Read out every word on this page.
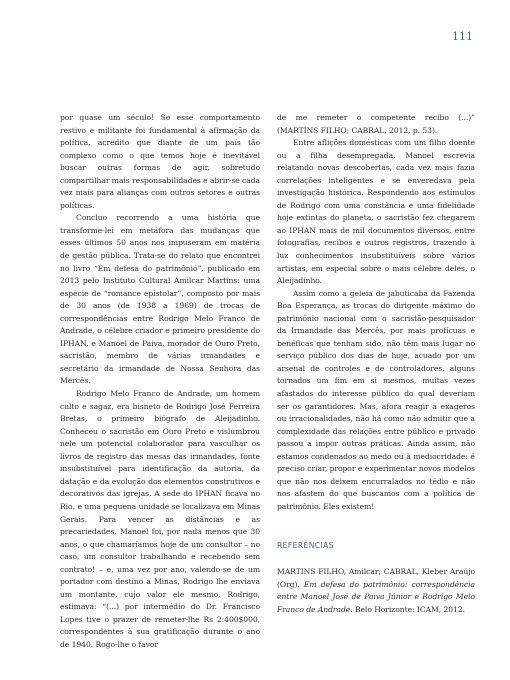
111

por quase um século! Se esse comportamento restivo e militante foi fundamental à afirmação da política, acredito que diante de um país tão complexo como o que temos hoje é inevitável buscar outras formas de agir, sobretudo compartilhar mais responsabilidades e abrir-se cada vez mais para alianças com outros setores e outras políticas.

Concluo recorrendo a uma história que transforme-lei em metáfora das mudanças que esses últimos 50 anos nos impuseram em matéria de gestão pública. Trata-se do relato que encontrei no livro “Em defesa do patrimônio”, publicado em 2013 pelo Instituto Cultural Amilcar Martins: uma espécie de “romance epistolar”, composto por mais de 30 anos (de 1938 a 1969) de trocas de correspondências entre Rodrigo Melo Franco de Andrade, o célebre criador e primeiro presidente do IPHAN, e Manoel de Paiva, morador de Ouro Preto, sacristão, membro de várias irmandades e secretário da irmandade de Nossa Senhora das Mercês.

Rodrigo Melo Franco de Andrade, um homem culto e sagaz, era bisneto de Rodrigo José Ferreira Bretas, o primeiro biógrafo de Aleijadinho. Conheceu o sacristão em Ouro Preto e vislumbrou nele um potencial colaborador para vasculhar os livros de registro das mesas das irmandades, fonte insubstituível para identificação da autoria, da datação e da evolução dos elementos construtivos e decorativos das igrejas. A sede do IPHAN ficava no Rio, e uma pequena unidade se localizava em Minas Gerais. Para vencer as distâncias e as precariedades, Manoel foi, por nada menos que 30 anos, o que chamaríamos hoje de um consultor – no caso, um consultor trabalhando e recebendo sem contrato! – e, uma vez por ano, valendo-se de um portador com destino a Minas, Rodrigo lhe enviava um montante, cujo valor ele mesmo, Rodrigo, estimava: “(...) por intermédio do Dr. Francisco Lopes tive o prazer de remeter-lhe Rs 2:400$000, correspondentes à sua gratificação durante o ano de 1940. Rogo-lhe o favor

de me remeter o competente recibo (...)” (MARTINS FILHO; CABRAL, 2012, p. 53).

Entre aflições domésticas com um filho doente ou a filha desempregada, Manoel escrevia relatando novas descobertas, cada vez mais fazia correlações inteligentes e se enveredava pela investigação histórica. Respondendo aos estímulos de Rodrigo com uma constância e uma fidelidade hoje extintas do planeta, o sacristão fez chegarem ao IPHAN mais de mil documentos diversos, entre fotografias, recibos e outros registros, trazendo à luz conhecimentos insubstituíveis sobre vários artistas, em especial sobre o mais célebre deles, o Aleijadinho.

Assim como a geleia de jabuticaba da Fazenda Boa Esperança, as trocas do dirigente máximo do patrimônio nacional com o sacristão-pesquisador da Irmandade das Mercês, por mais profícuas e benéficas que tenham sido, não têm mais lugar no serviço público dos dias de hoje, acuado por um arsenal de controles e de controladores, alguns tornados um fim em si mesmos, muitas vezes afastados do interesse público do qual deveriam ser os garantidores. Mas, afora reagir a exageros ou irracionalidades, não há como não admitir que a complexidade das relações entre público e privado passou a impor outras práticas. Ainda assim, não estamos condenados ao medo ou à mediocridade: é preciso criar, propor e experimentar novos modelos que não nos deixem encurralados no tédio e não nos afastem do que buscamos com a política de patrimônio. Eles existem!

REFERÊNCIAS

MARTINS FILHO, Amilcar; CABRAL, Kleber Araújo (Org). Em defesa do patrimônio: correspondência entre Manoel José de Paiva Júnior e Rodrigo Melo Franco de Andrade. Belo Horizonte: ICAM, 2012.
